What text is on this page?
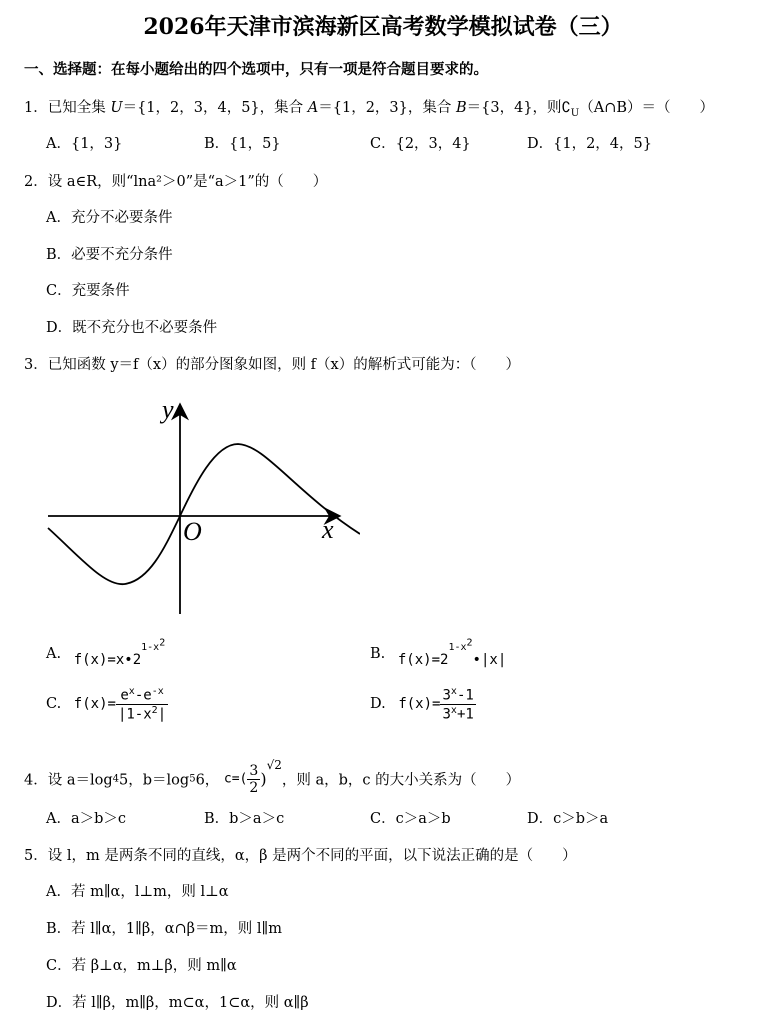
2026年天津市滨海新区高考数学模拟试卷（三）
一、选择题：在每小题给出的四个选项中，只有一项是符合题目要求的。
1．已知全集 U＝{1，2，3，4，5}，集合 A＝{1，2，3}，集合 B＝{3，4}，则$∁_U(A\cap B)=$（　　）
A．{1，3}	B．{1，5}	C．{2，3，4}	D．{1，2，4，5}
2．设 a∈R，则“lna²＞0”是“a＞1”的（　　）
A．充分不必要条件
B．必要不充分条件
C．充要条件
D．既不充分也不必要条件
3．已知函数 y＝f（x）的部分图象如图，则 f（x）的解析式可能为：（　　）
y
x
O
A. $f(x)=x•2^{1-x^2}$
B. $f(x)=2^{1-x^2}•|x|$
C. $f(x)= \frac{e^x-e^{-x}}{|1-x^2|}$	D. $f(x)= \frac{3^x-1}{3^x+1}$
4．设 a＝log45，b＝log56， $c=( \frac{3}{2} )^{√2}$，则 a，b，c 的大小关系为（　　）
A．a＞b＞c	B．b＞a＞c	C．c＞a＞b	D．c＞b＞a
5．设 l，m 是两条不同的直线，α，β 是两个不同的平面，以下说法正确的是（　　）
A．若 m∥α，l⊥m，则 l⊥α
B．若 l∥α，1∥β，α∩β＝m，则 l∥m
C．若 β⊥α，m⊥β，则 m∥α
D．若 l∥β，m∥β，m⊂α，1⊂α，则 α∥β
